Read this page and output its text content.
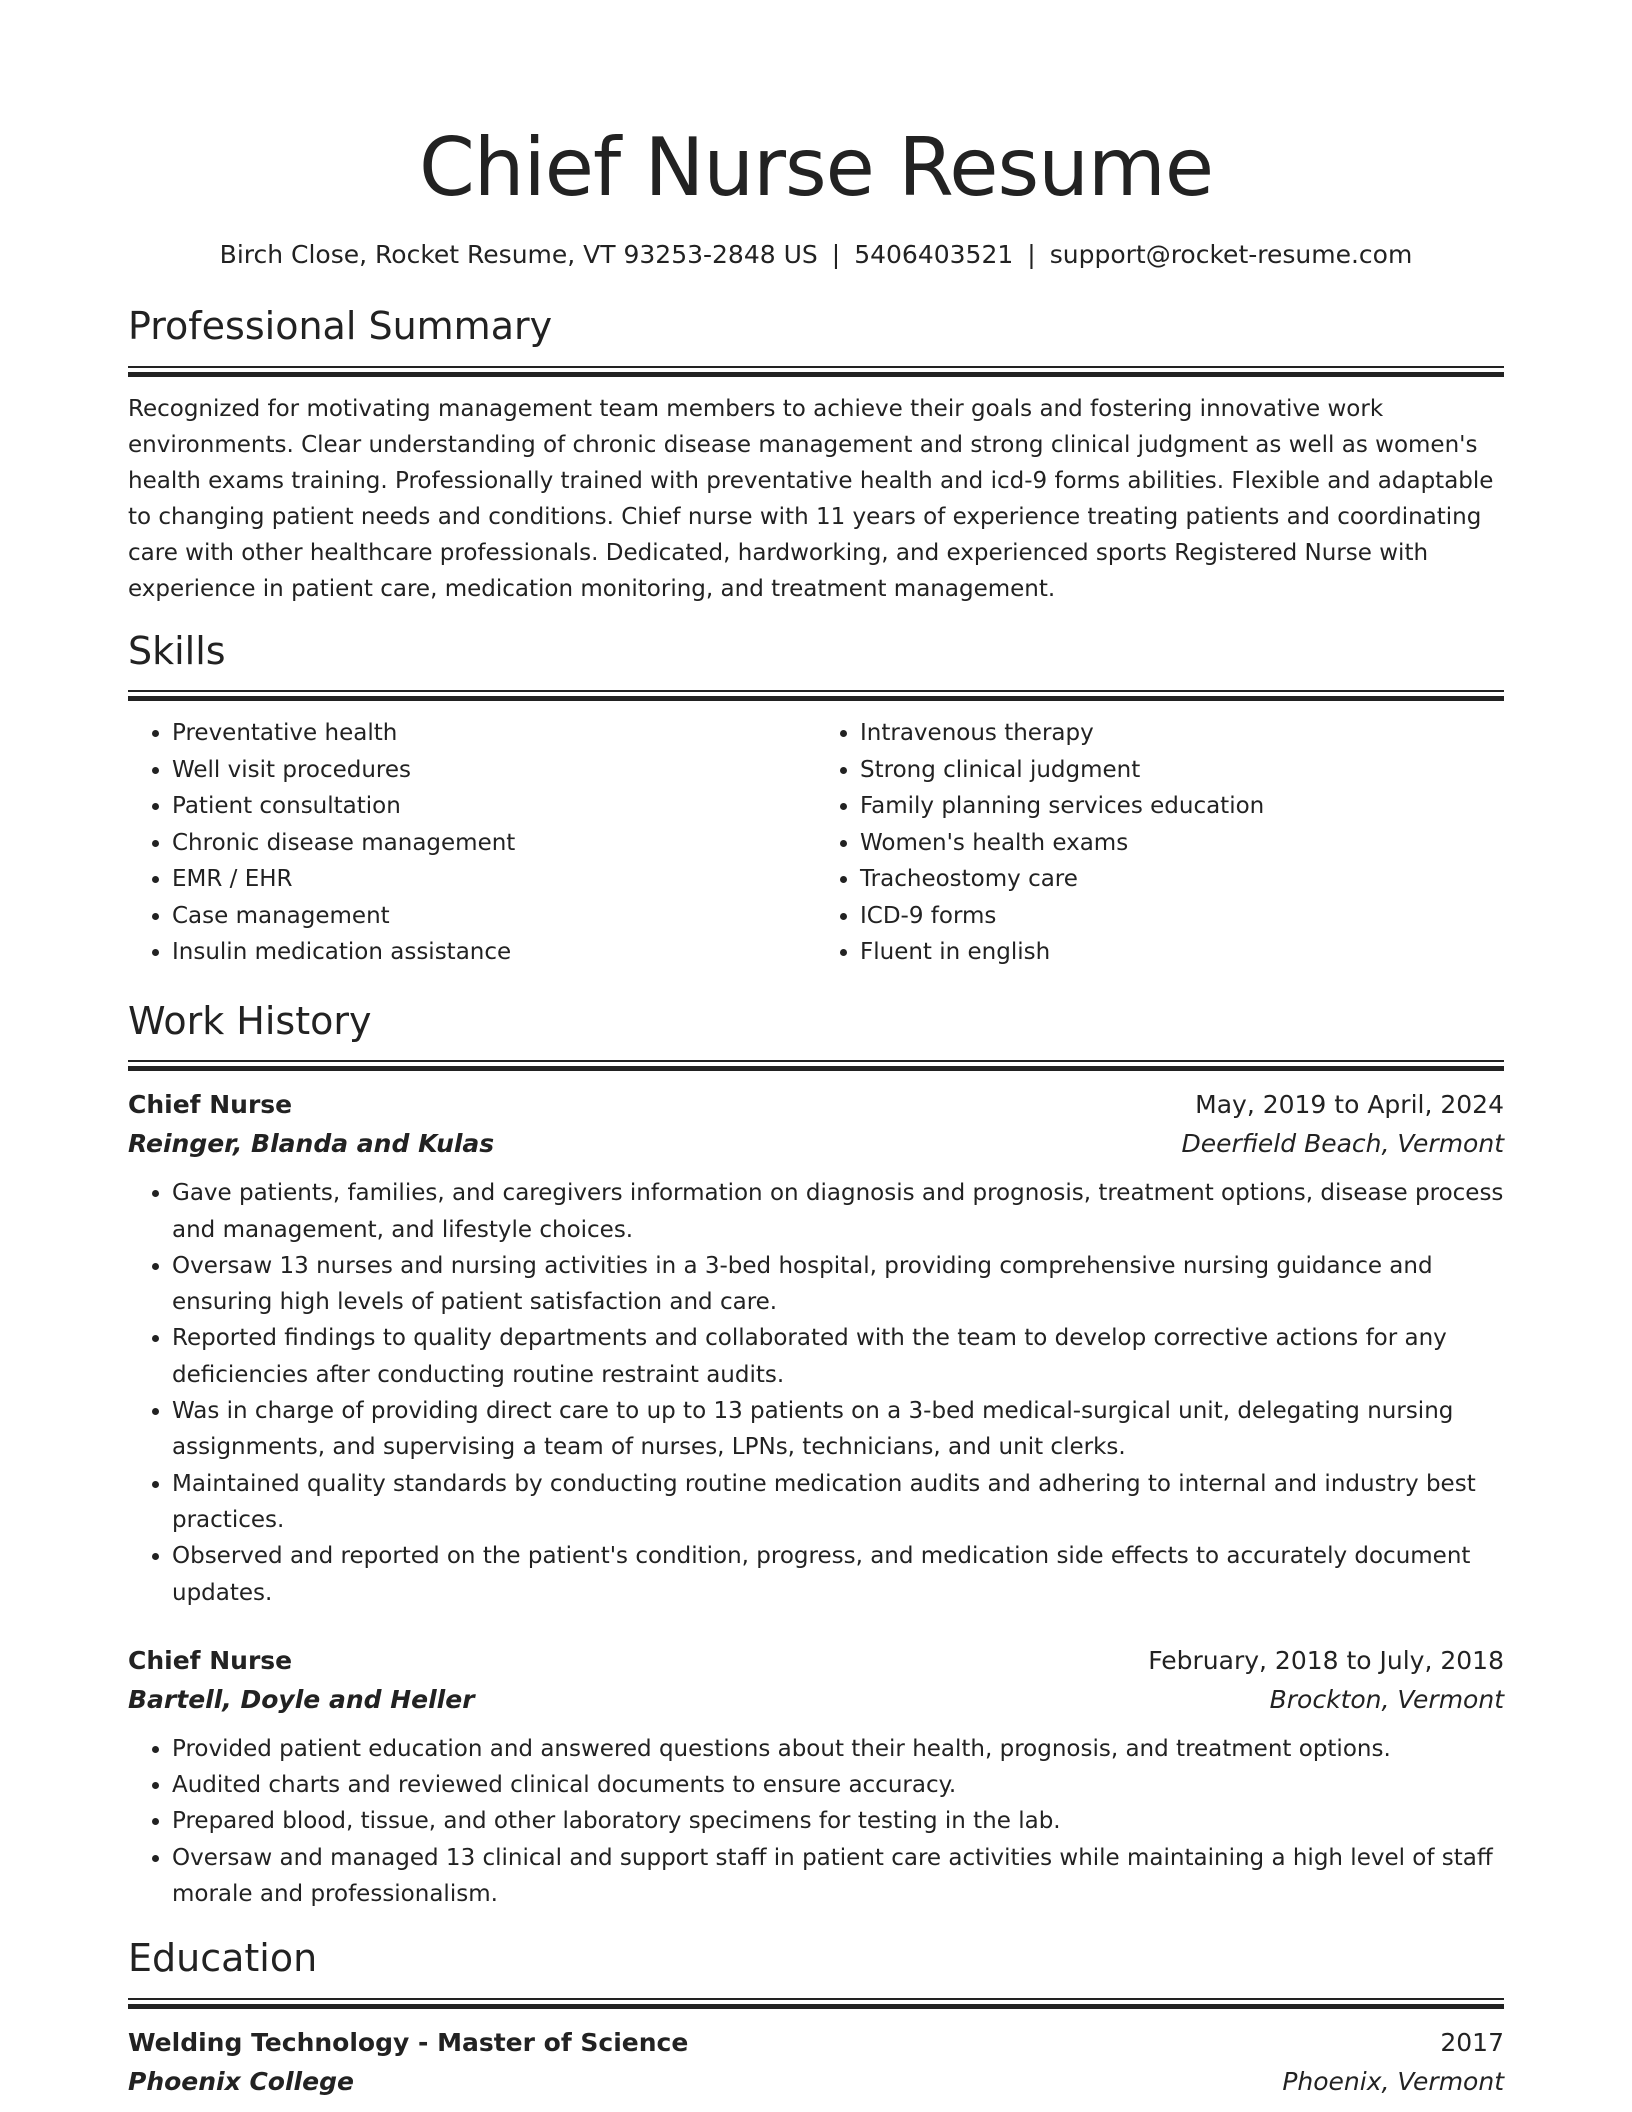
Chief Nurse Resume
Birch Close, Rocket Resume, VT 93253-2848 US | 5406403521 | support@rocket-resume.com
Professional Summary
Recognized for motivating management team members to achieve their goals and fostering innovative work environments. Clear understanding of chronic disease management and strong clinical judgment as well as women's health exams training. Professionally trained with preventative health and icd-9 forms abilities. Flexible and adaptable to changing patient needs and conditions. Chief nurse with 11 years of experience treating patients and coordinating care with other healthcare professionals. Dedicated, hardworking, and experienced sports Registered Nurse with experience in patient care, medication monitoring, and treatment management.
Skills
• Preventative health
• Well visit procedures
• Patient consultation
• Chronic disease management
• EMR / EHR
• Case management
• Insulin medication assistance
• Intravenous therapy
• Strong clinical judgment
• Family planning services education
• Women's health exams
• Tracheostomy care
• ICD-9 forms
• Fluent in english
Work History
Chief Nurse	May, 2019 to April, 2024
Reinger, Blanda and Kulas	Deerfield Beach, Vermont
• Gave patients, families, and caregivers information on diagnosis and prognosis, treatment options, disease process and management, and lifestyle choices.
• Oversaw 13 nurses and nursing activities in a 3-bed hospital, providing comprehensive nursing guidance and ensuring high levels of patient satisfaction and care.
• Reported findings to quality departments and collaborated with the team to develop corrective actions for any deficiencies after conducting routine restraint audits.
• Was in charge of providing direct care to up to 13 patients on a 3-bed medical-surgical unit, delegating nursing assignments, and supervising a team of nurses, LPNs, technicians, and unit clerks.
• Maintained quality standards by conducting routine medication audits and adhering to internal and industry best practices.
• Observed and reported on the patient's condition, progress, and medication side effects to accurately document updates.
Chief Nurse	February, 2018 to July, 2018
Bartell, Doyle and Heller	Brockton, Vermont
• Provided patient education and answered questions about their health, prognosis, and treatment options.
• Audited charts and reviewed clinical documents to ensure accuracy.
• Prepared blood, tissue, and other laboratory specimens for testing in the lab.
• Oversaw and managed 13 clinical and support staff in patient care activities while maintaining a high level of staff morale and professionalism.
Education
Welding Technology - Master of Science	2017
Phoenix College	Phoenix, Vermont
